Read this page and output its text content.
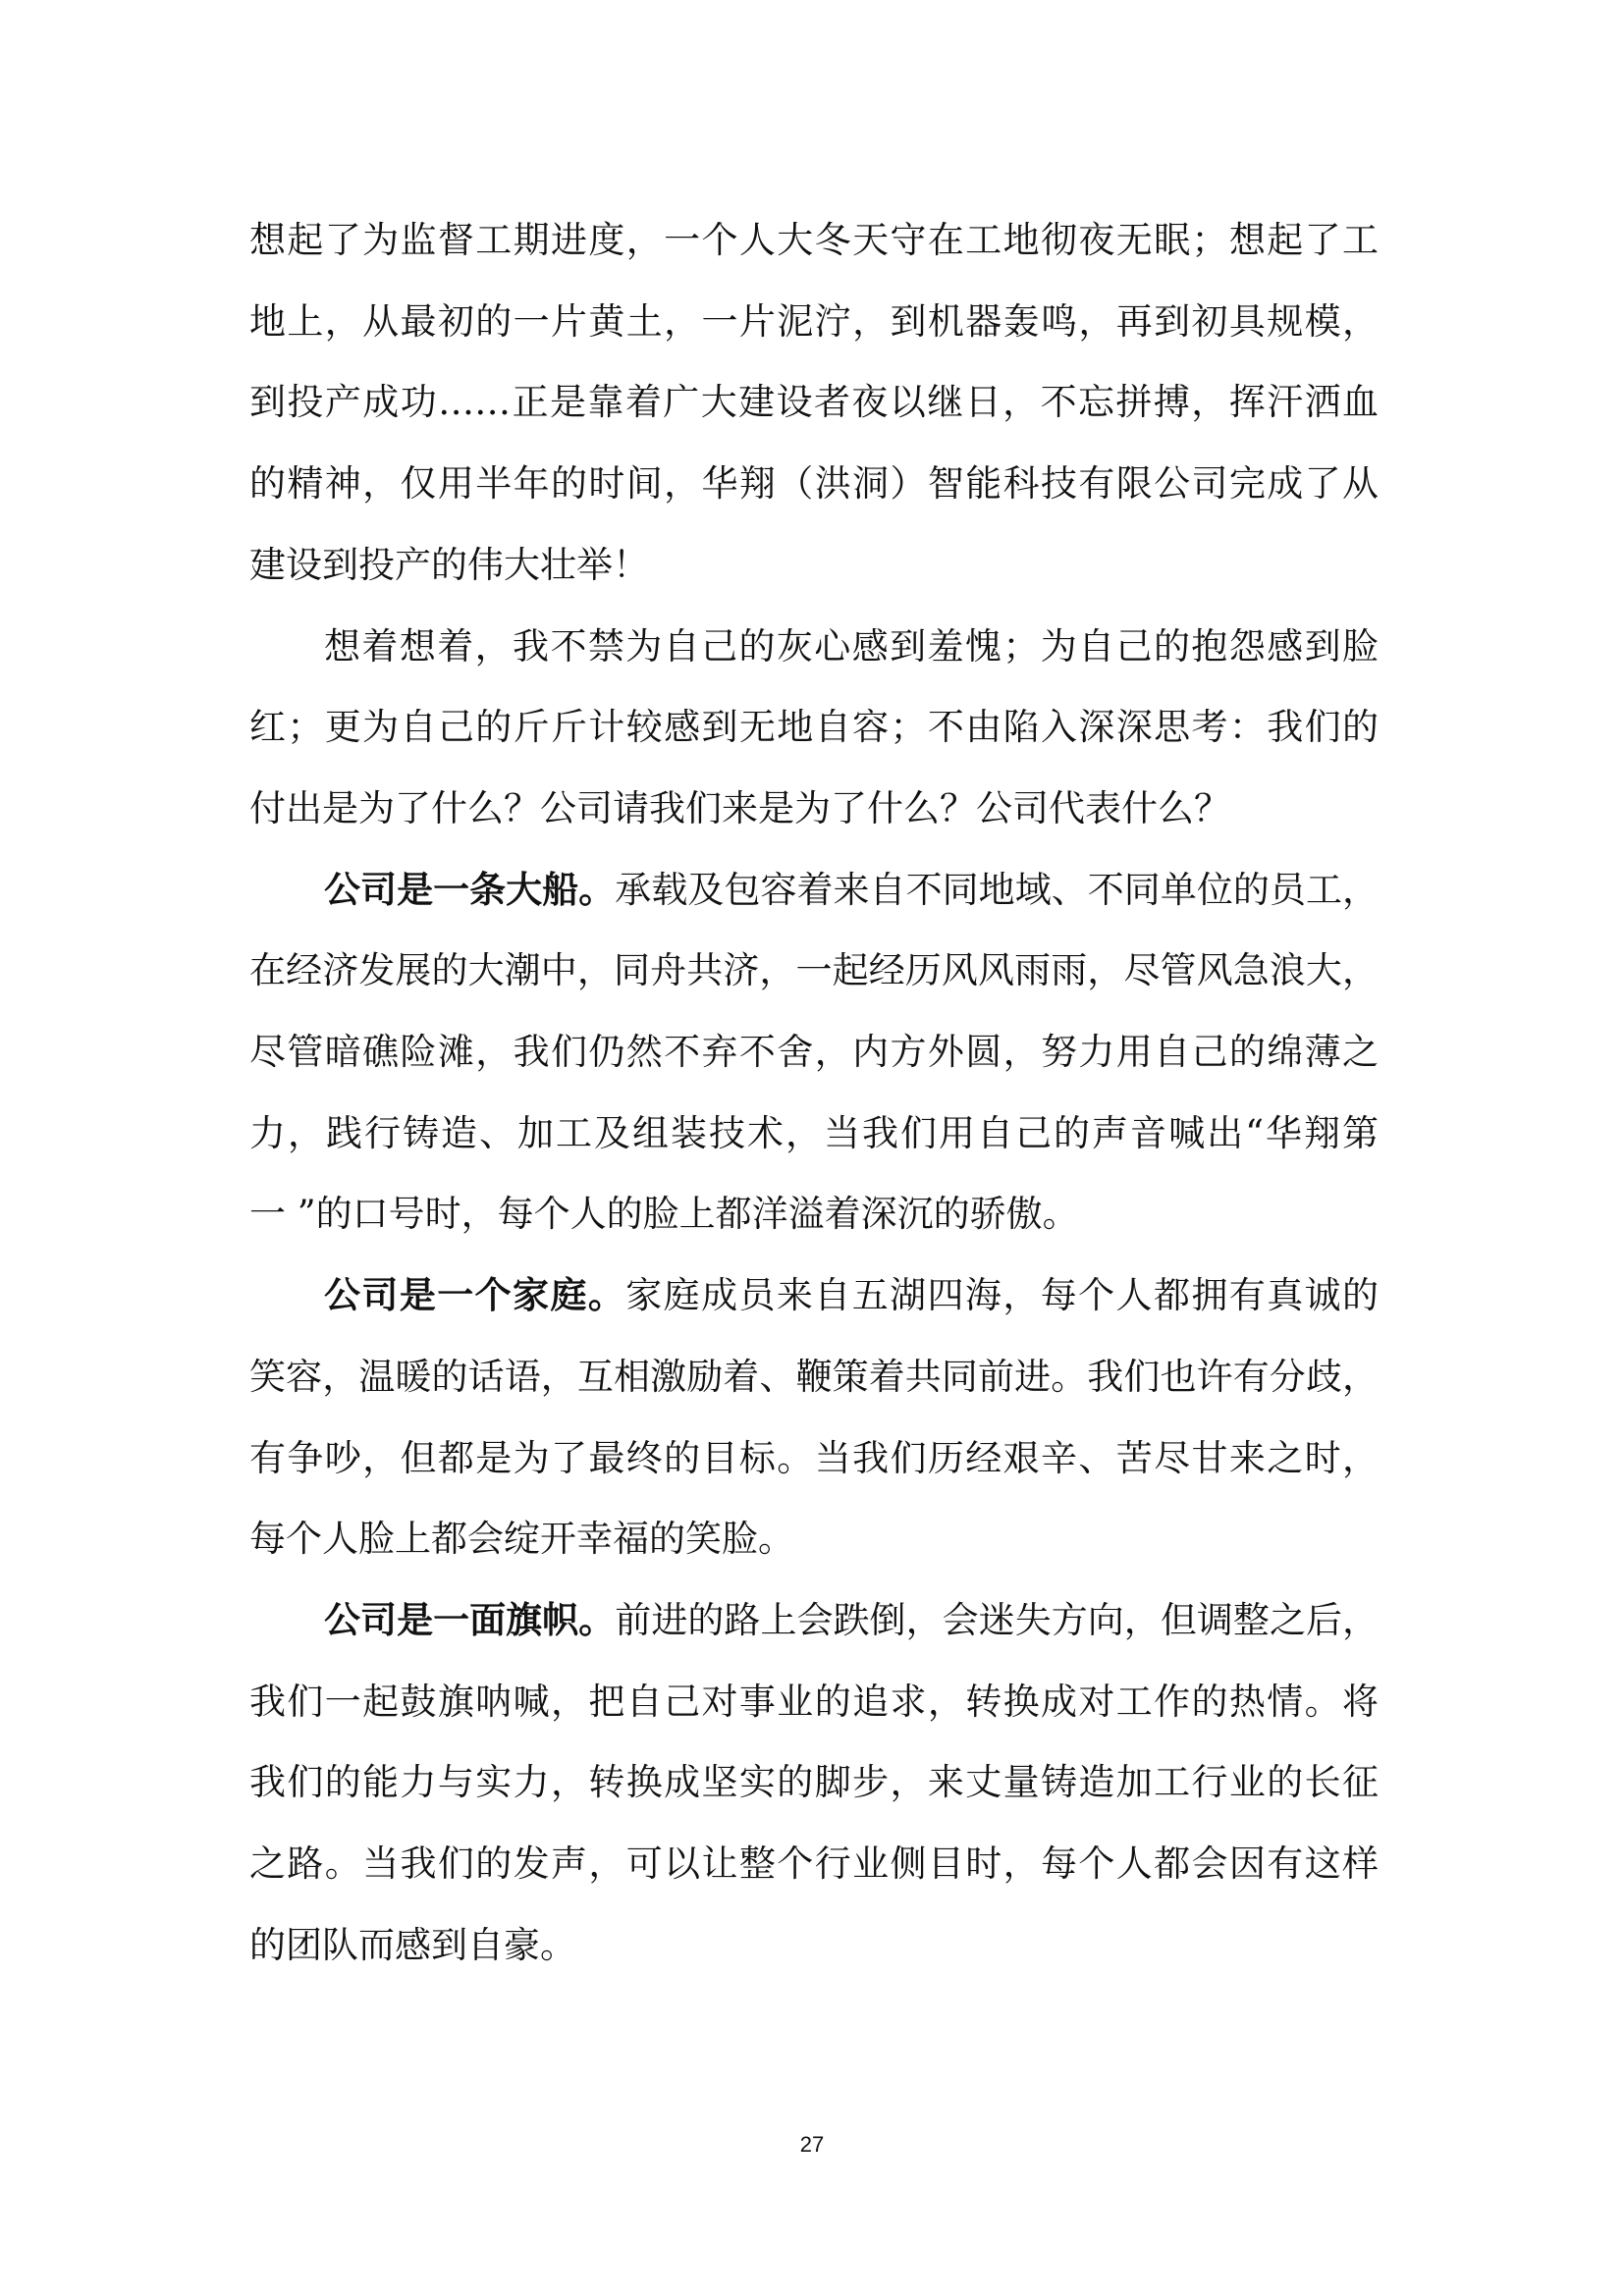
想起了为监督工期进度，一个人大冬天守在工地彻夜无眠；想起了工
地上，从最初的一片黄土，一片泥泞，到机器轰鸣，再到初具规模，
到投产成功……正是靠着广大建设者夜以继日，不忘拼搏，挥汗洒血
的精神，仅用半年的时间，华翔（洪洞）智能科技有限公司完成了从
建设到投产的伟大壮举！

想着想着，我不禁为自己的灰心感到羞愧；为自己的抱怨感到脸
红；更为自己的斤斤计较感到无地自容；不由陷入深深思考：我们的
付出是为了什么？公司请我们来是为了什么？公司代表什么？

公司是一条大船。承载及包容着来自不同地域、不同单位的员工，
在经济发展的大潮中，同舟共济，一起经历风风雨雨，尽管风急浪大，
尽管暗礁险滩，我们仍然不弃不舍，内方外圆，努力用自己的绵薄之
力，践行铸造、加工及组装技术，当我们用自己的声音喊出“华翔第
一 ”的口号时，每个人的脸上都洋溢着深沉的骄傲。

公司是一个家庭。家庭成员来自五湖四海，每个人都拥有真诚的
笑容，温暖的话语，互相激励着、鞭策着共同前进。我们也许有分歧，
有争吵，但都是为了最终的目标。当我们历经艰辛、苦尽甘来之时，
每个人脸上都会绽开幸福的笑脸。

公司是一面旗帜。前进的路上会跌倒，会迷失方向，但调整之后，
我们一起鼓旗呐喊，把自己对事业的追求，转换成对工作的热情。将
我们的能力与实力，转换成坚实的脚步，来丈量铸造加工行业的长征
之路。当我们的发声，可以让整个行业侧目时，每个人都会因有这样
的团队而感到自豪。

27
